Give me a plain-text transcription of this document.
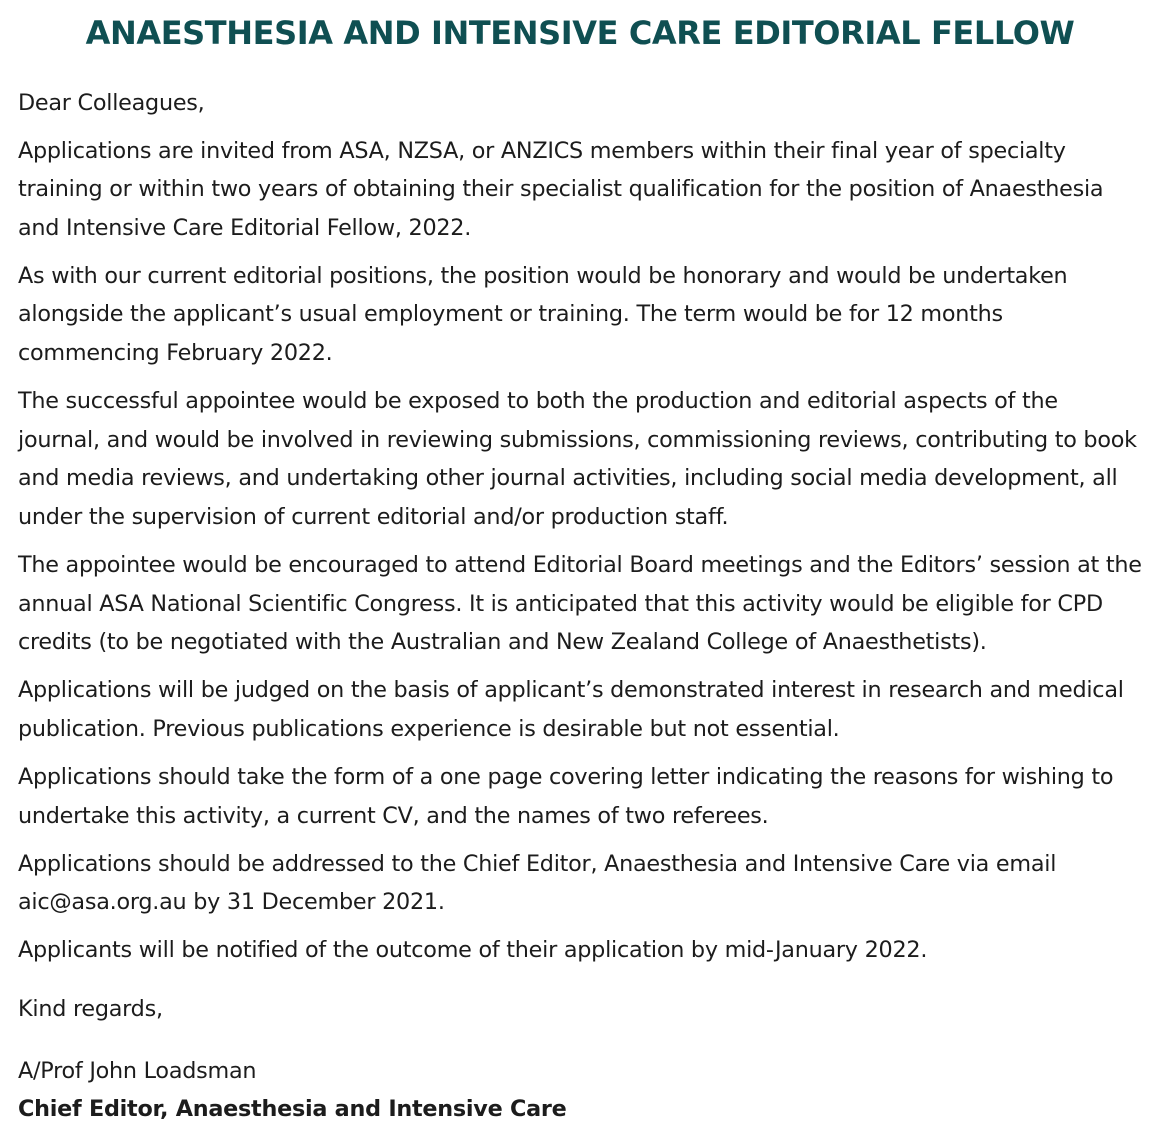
ANAESTHESIA AND INTENSIVE CARE EDITORIAL FELLOW

Dear Colleagues,

Applications are invited from ASA, NZSA, or ANZICS members within their final year of specialty training or within two years of obtaining their specialist qualification for the position of Anaesthesia and Intensive Care Editorial Fellow, 2022.

As with our current editorial positions, the position would be honorary and would be undertaken alongside the applicant’s usual employment or training. The term would be for 12 months commencing February 2022.

The successful appointee would be exposed to both the production and editorial aspects of the journal, and would be involved in reviewing submissions, commissioning reviews, contributing to book and media reviews, and undertaking other journal activities, including social media development, all under the supervision of current editorial and/or production staff.

The appointee would be encouraged to attend Editorial Board meetings and the Editors’ session at the annual ASA National Scientific Congress. It is anticipated that this activity would be eligible for CPD credits (to be negotiated with the Australian and New Zealand College of Anaesthetists).

Applications will be judged on the basis of applicant’s demonstrated interest in research and medical publication. Previous publications experience is desirable but not essential.

Applications should take the form of a one page covering letter indicating the reasons for wishing to undertake this activity, a current CV, and the names of two referees.

Applications should be addressed to the Chief Editor, Anaesthesia and Intensive Care via email aic@asa.org.au by 31 December 2021.

Applicants will be notified of the outcome of their application by mid-January 2022.

Kind regards,

A/Prof John Loadsman

Chief Editor, Anaesthesia and Intensive Care
